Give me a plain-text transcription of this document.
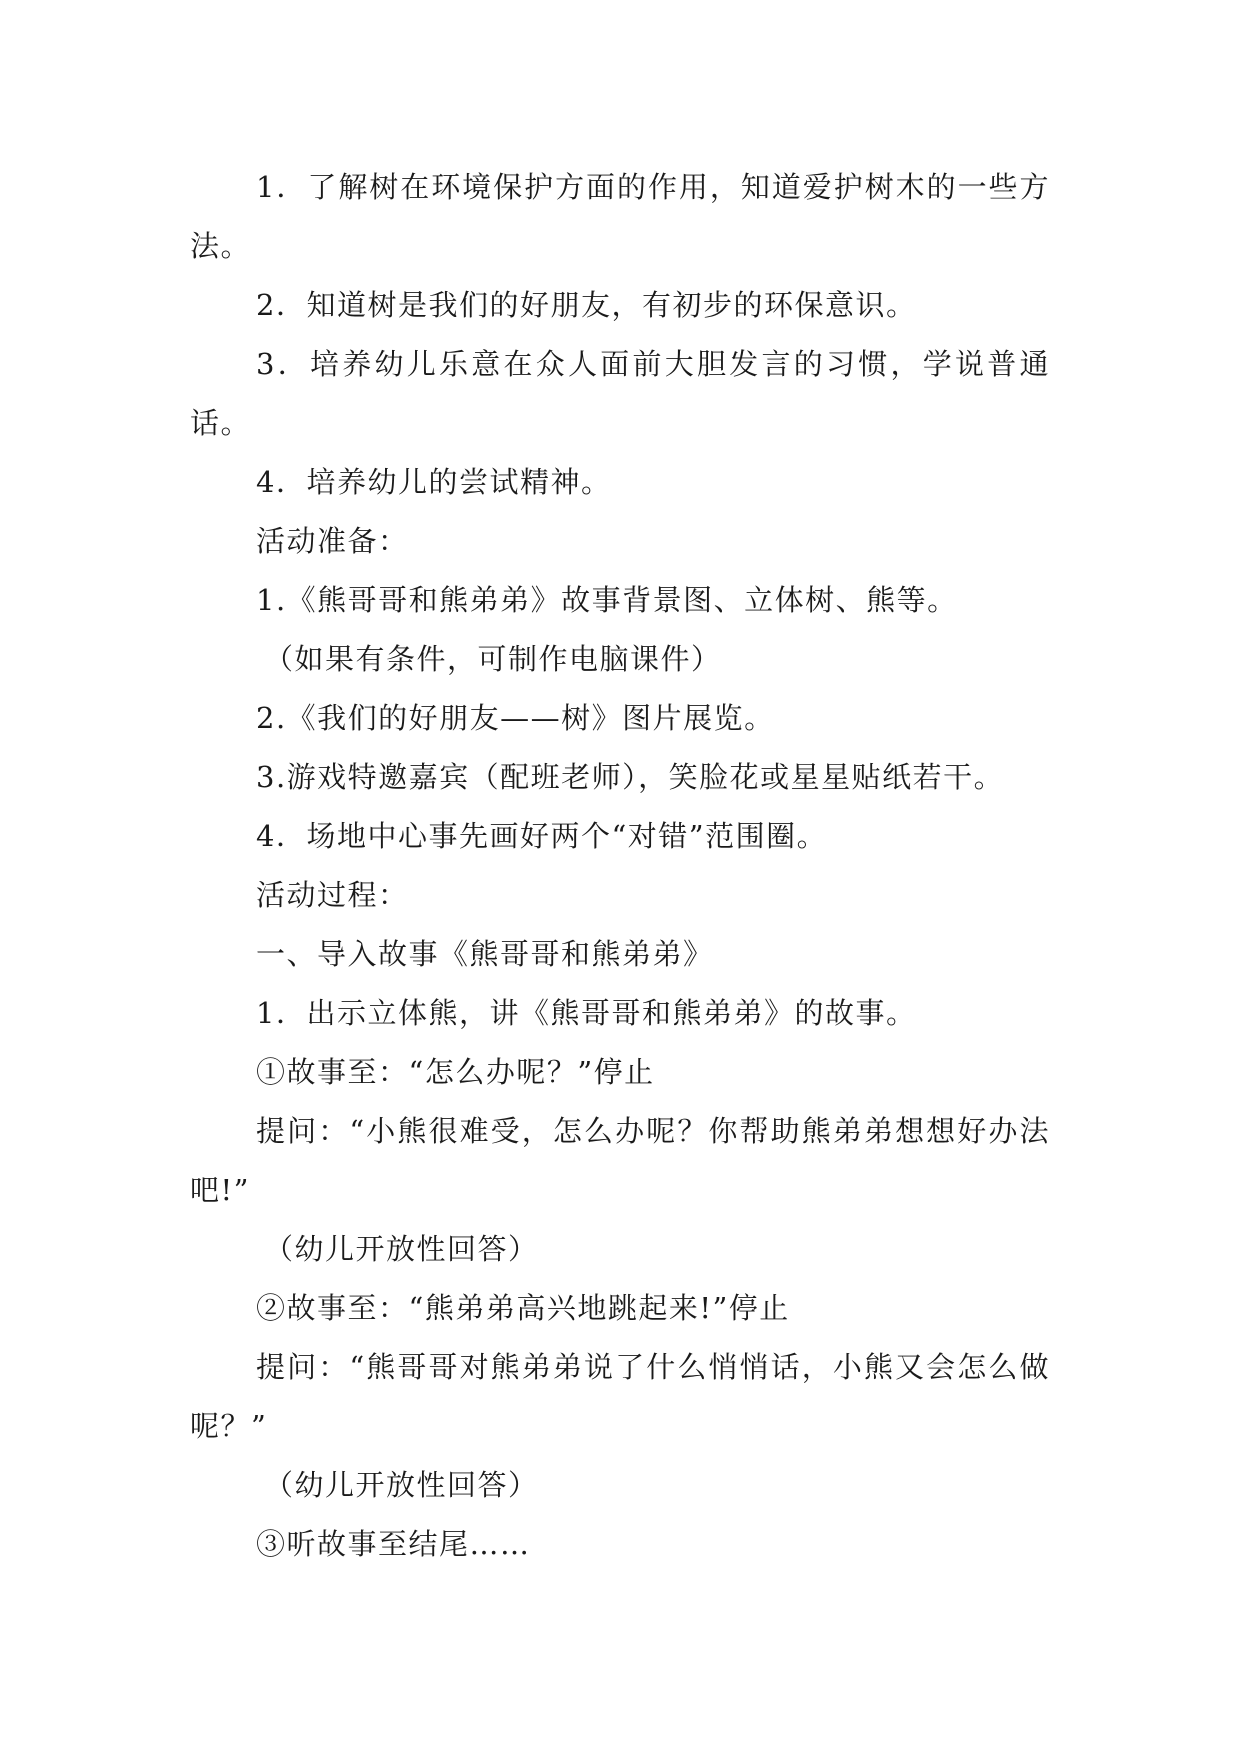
1．了解树在环境保护方面的作用，知道爱护树木的一些方法。

2．知道树是我们的好朋友，有初步的环保意识。

3．培养幼儿乐意在众人面前大胆发言的习惯，学说普通话。

4．培养幼儿的尝试精神。

活动准备：

1.《熊哥哥和熊弟弟》故事背景图、立体树、熊等。

（如果有条件，可制作电脑课件）

2.《我们的好朋友——树》图片展览。

3.游戏特邀嘉宾（配班老师），笑脸花或星星贴纸若干。

4．场地中心事先画好两个“对错”范围圈。

活动过程：

一、导入故事《熊哥哥和熊弟弟》

1．出示立体熊，讲《熊哥哥和熊弟弟》的故事。

①故事至：“怎么办呢？”停止

提问：“小熊很难受，怎么办呢？你帮助熊弟弟想想好办法吧!”

（幼儿开放性回答）

②故事至：“熊弟弟高兴地跳起来!”停止

提问：“熊哥哥对熊弟弟说了什么悄悄话，小熊又会怎么做呢？”

（幼儿开放性回答）

③听故事至结尾……
